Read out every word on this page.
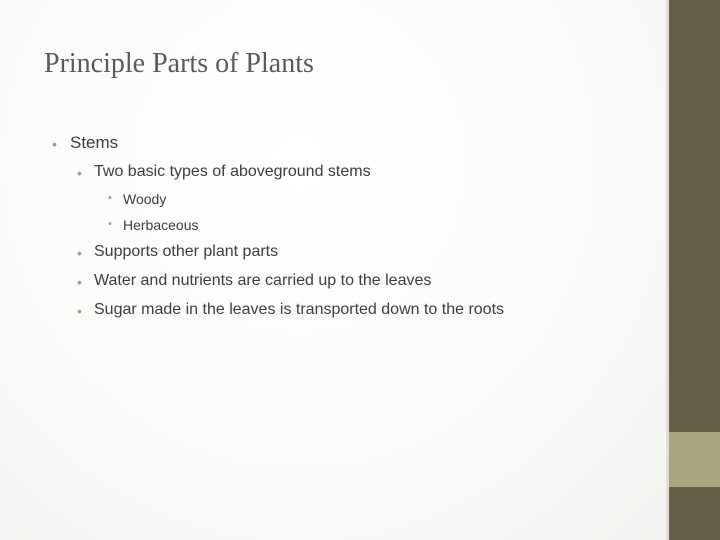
Principle Parts of Plants
• Stems
• Two basic types of aboveground stems
• Woody
• Herbaceous
• Supports other plant parts
• Water and nutrients are carried up to the leaves
• Sugar made in the leaves is transported down to the roots
